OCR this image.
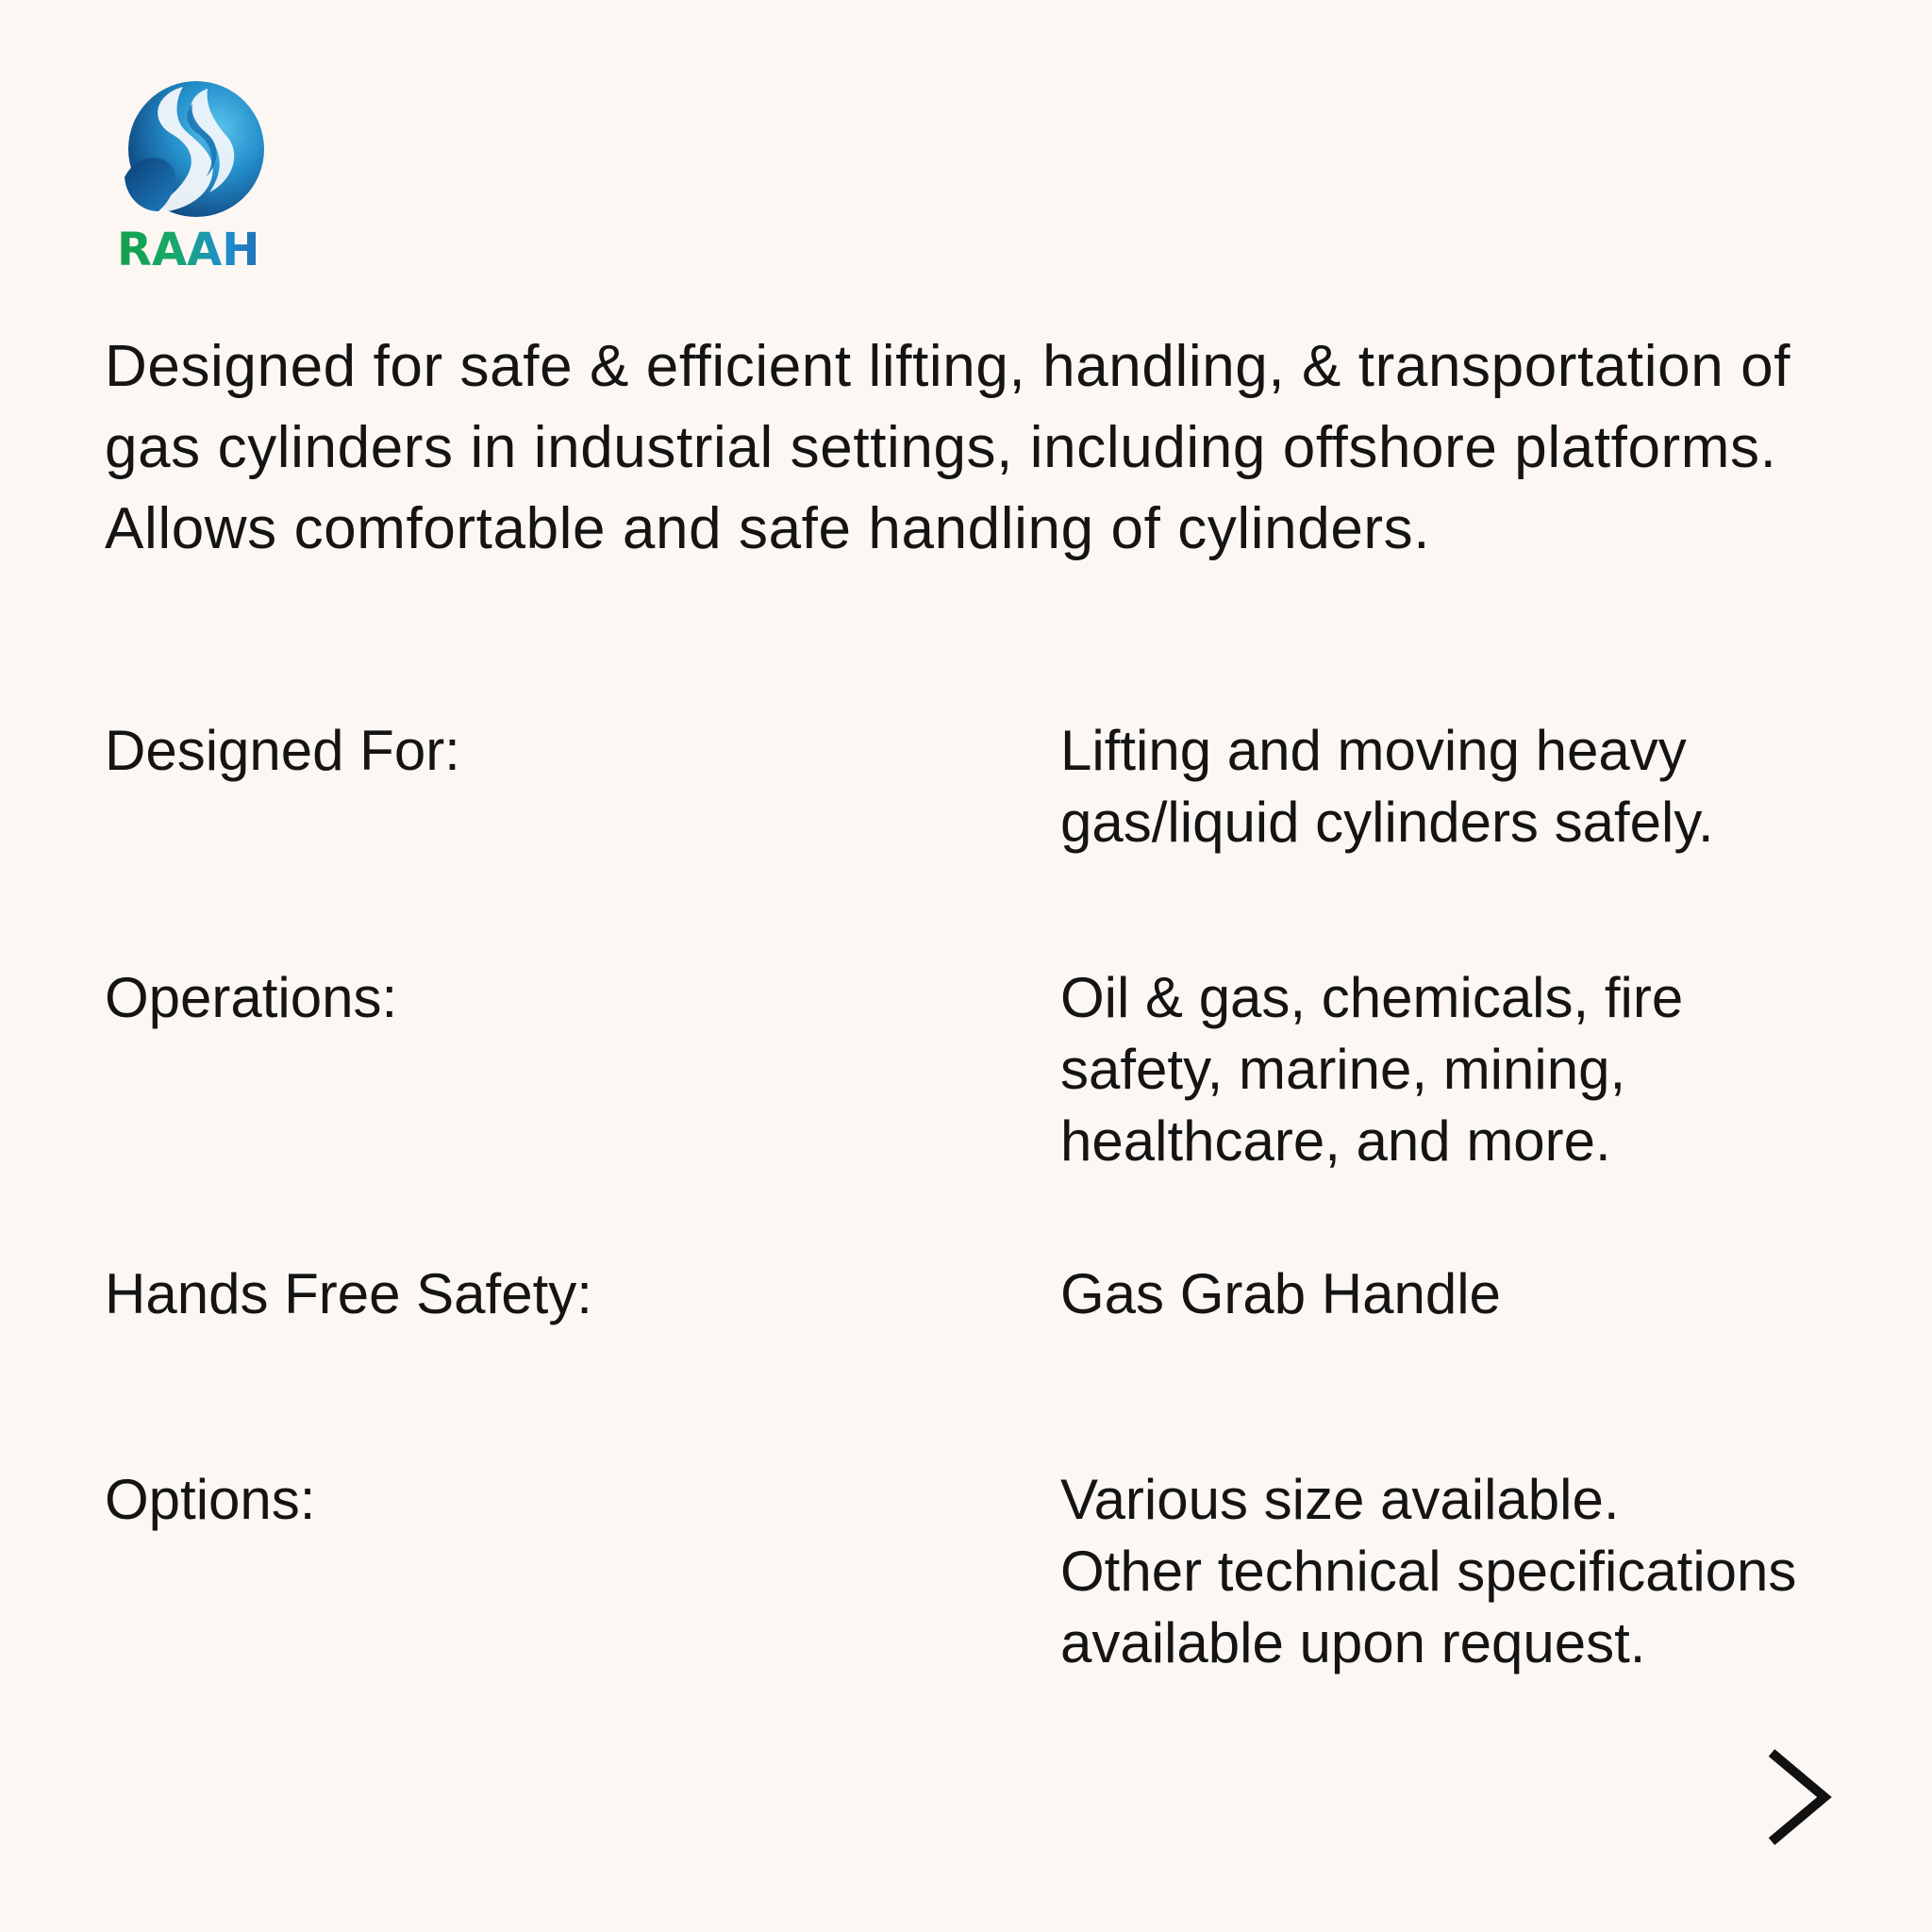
RAAH

Designed for safe & efficient lifting, handling, & transportation of gas cylinders in industrial settings, including offshore platforms. Allows comfortable and safe handling of cylinders.

Designed For:	Lifting and moving heavy
gas/liquid cylinders safely.

Operations:	Oil & gas, chemicals, fire
safety, marine, mining,
healthcare, and more.

Hands Free Safety:	Gas Grab Handle

Options:	Various size available.
Other technical specifications
available upon request.
